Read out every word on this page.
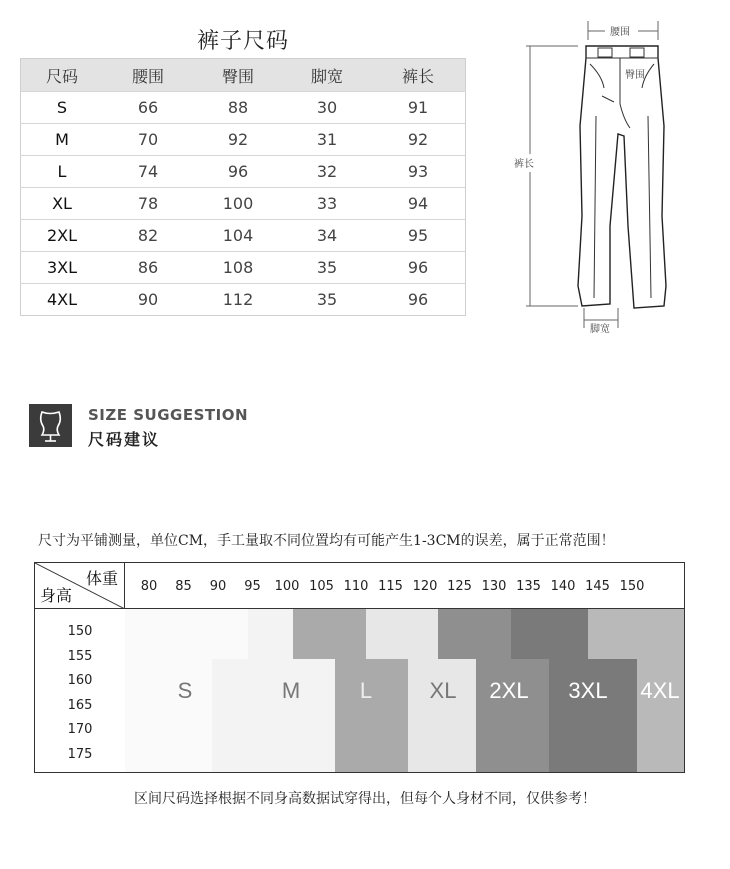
裤子尺码
尺码	腰围	臀围	脚宽	裤长
S	66	88	30	91
M	70	92	31	92
L	74	96	32	93
XL	78	100	33	94
2XL	82	104	34	95
3XL	86	108	35	96
4XL	90	112	35	96
腰围
裤长
脚宽
臀围
SIZE SUGGESTION
尺码建议
尺寸为平铺测量，单位CM，手工量取不同位置均有可能产生1-3CM的误差，属于正常范围！
体重
身高	80 85 90 95 100 105 110 115 120 125 130 135 140 145 150
150
155
160
165
170
175
S	M	L	XL 2XL 3XL 4XL
区间尺码选择根据不同身高数据试穿得出，但每个人身材不同，仅供参考！
